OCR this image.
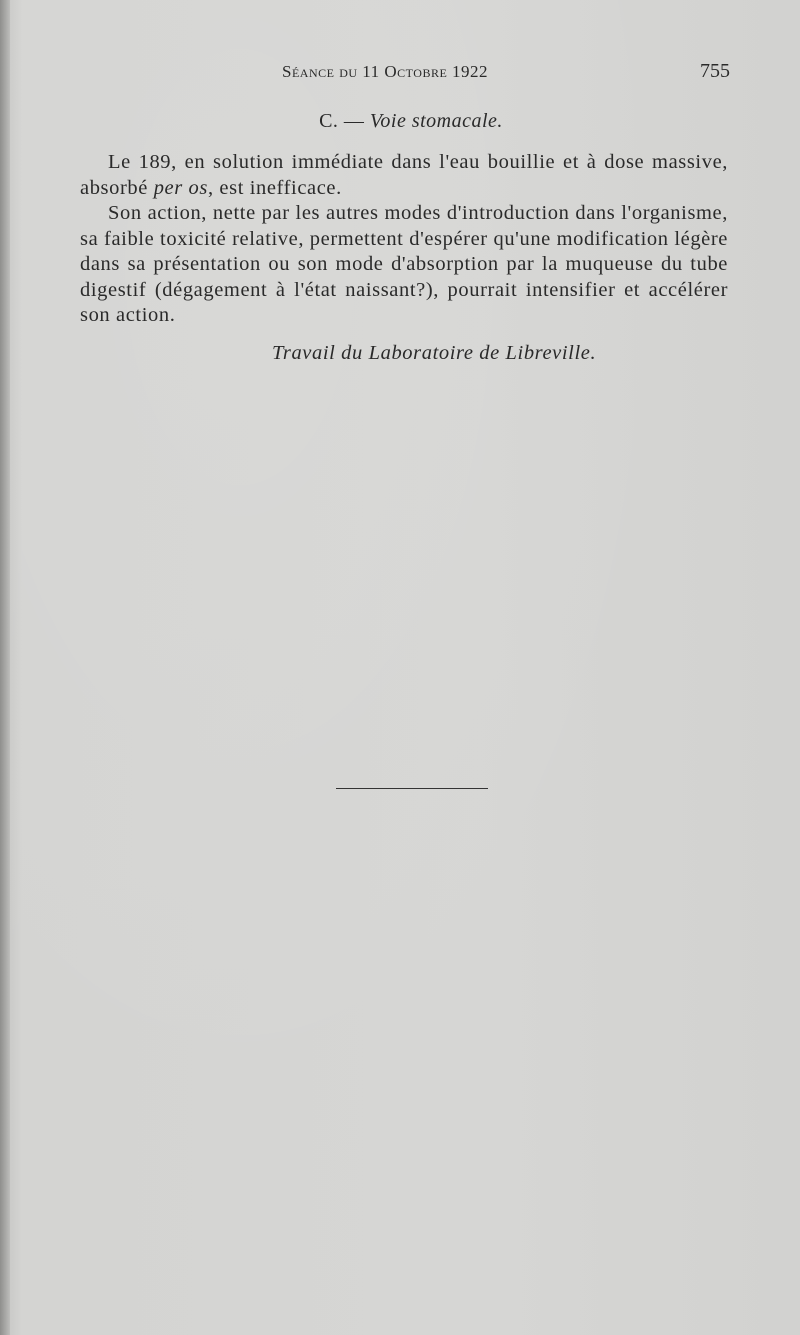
Séance du 11 Octobre 1922	755
C. — Voie stomacale.

Le 189, en solution immédiate dans l'eau bouillie et à dose massive, absorbé per os, est inefficace.

Son action, nette par les autres modes d'introduction dans l'organisme, sa faible toxicité relative, permettent d'espérer qu'une modification légère dans sa présentation ou son mode d'absorption par la muqueuse du tube digestif (dégagement à l'état naissant?), pourrait intensifier et accélérer son action.

Travail du Laboratoire de Libreville.
